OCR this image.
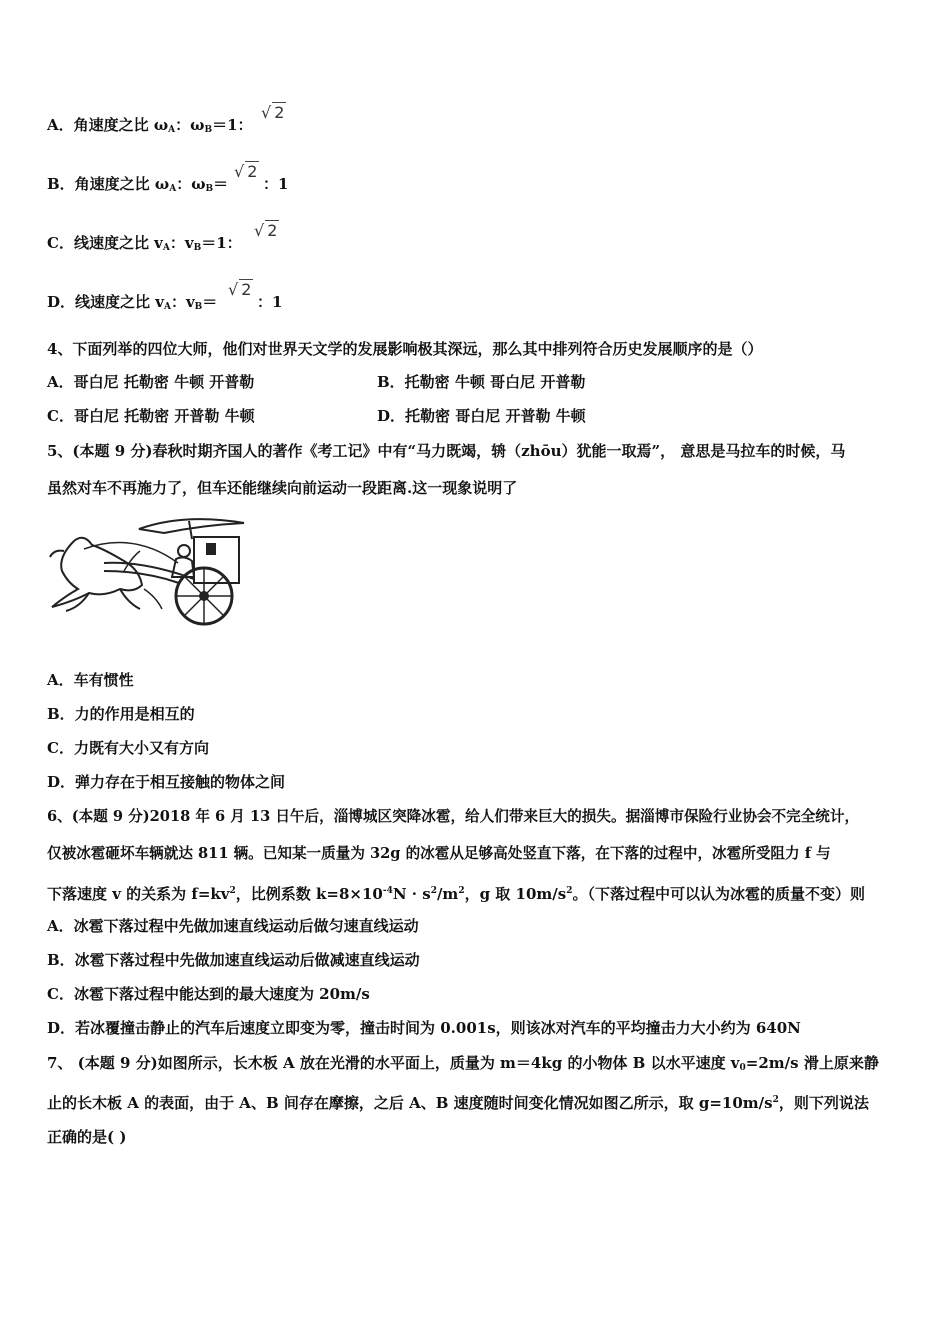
A．角速度之比 $\omega_A$：$\omega_B=1$：
√ 2
B．角速度之比 $\omega_A$：$\omega_B=$
√ 2
：1
C．线速度之比 $v_A$：$v_B=1$：
√ 2
D．线速度之比 $v_A$：$v_B=$
√ 2
：1
4、下面列举的四位大师，他们对世界天文学的发展影响极其深远，那么其中排列符合历史发展顺序的是（）
A．哥白尼 托勒密 牛顿 开普勒	B．托勒密 牛顿 哥白尼 开普勒
C．哥白尼 托勒密 开普勒 牛顿	D．托勒密 哥白尼 开普勒 牛顿
5、(本题 9 分)春秋时期齐国人的著作《考工记》中有“马力既竭，辀（zhōu）犹能一取焉”， 意思是马拉车的时候，马
虽然对车不再施力了，但车还能继续向前运动一段距离.这一现象说明了
A．车有惯性
B．力的作用是相互的
C．力既有大小又有方向
D．弹力存在于相互接触的物体之间
6、(本题 9 分)2018 年 6 月 13 日午后，淄博城区突降冰雹，给人们带来巨大的损失。据淄博市保险行业协会不完全统计，
仅被冰雹砸坏车辆就达 811 辆。已知某一质量为 32g 的冰雹从足够高处竖直下落，在下落的过程中，冰雹所受阻力 f 与
下落速度 v 的关系为 $f=kv^2$，比例系数 $k=8\times 10^{-4}N \cdot s^2/m^2$，g 取 $10m/s^2$。（下落过程中可以认为冰雹的质量不变）则
A．冰雹下落过程中先做加速直线运动后做匀速直线运动
B．冰雹下落过程中先做加速直线运动后做减速直线运动
C．冰雹下落过程中能达到的最大速度为 20m/s
D．若冰覆撞击静止的汽车后速度立即变为零，撞击时间为 0.001s，则该冰对汽车的平均撞击力大小约为 640N
7、 (本题 9 分)如图所示，长木板 A 放在光滑的水平面上，质量为 m＝4kg 的小物体 B 以水平速度 $v_0=2m/s$ 滑上原来静
止的长木板 A 的表面，由于 A、B 间存在摩擦，之后 A、B 速度随时间变化情况如图乙所示，取 $g=10m/s^2$，则下列说法
正确的是( )
